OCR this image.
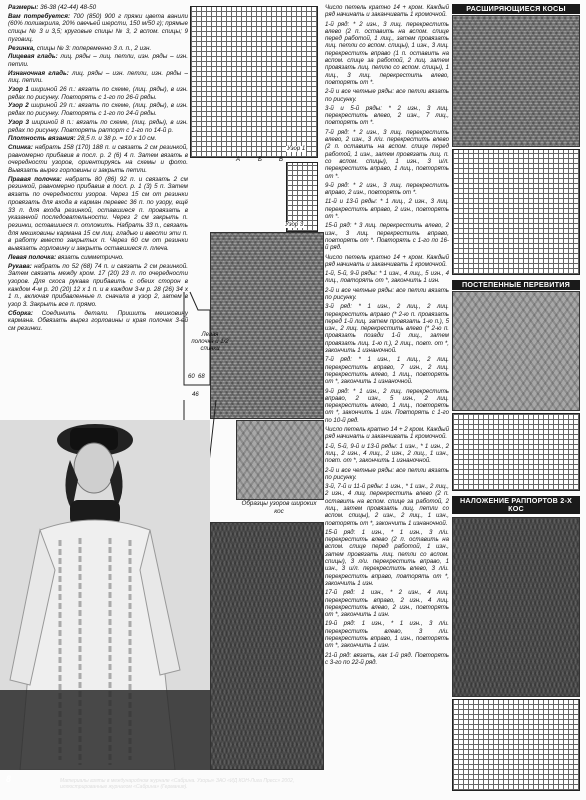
Размеры: 36-38 (42-44) 48-50

Вам потребуется: 700 (850) 900 г пряжи цвета ванили (60% полиакрила, 20% овечьей шерсти, 150 м/50 г); прямые спицы № 3 и 3,5; круговые спицы № 3, 2 вспом. спицы; 9 пуговиц.

Резинка, спицы № 3: попеременно 3 л. п., 2 изн.

Лицевая гладь: лиц. ряды – лиц. петли, изн. ряды – изн. петли.

Изнаночная гладь: лиц. ряды – изн. петли, изн. ряды – лиц. петли.

Узор 1 шириной 26 п.: вязать по схеме, (лиц. ряды), в изн. рядах по рисунку. Повторять с 1-го по 26-й ряды.

Узор 2 шириной 29 п.: вязать по схеме, (лиц. ряды), в изн. рядах по рисунку. Повторять с 1-го по 24-й ряды.

Узор 3 шириной 8 п.: вязать по схеме, (лиц. ряды), в изн. рядах по рисунку. Повторять раппорт с 1-го по 14-й р.

Плотность вязания: 28,5 п. и 38 р. = 10 х 10 см.

Спинка: набрать 158 (170) 188 п. и связать 2 см резинкой, равномерно прибавив в посл. р. 2 (6) 4 п. Затем вязать в очередности узоров, ориентируясь на схемы и фото. Вывязать вырез горловины и закрыть петли.

Правая полочка: набрать 80 (86) 92 п. и связать 2 см резинкой, равномерно прибавив в посл. р. 1 (3) 5 п. Затем вязать по очередности узоров. Через 15 см от резинки провязать для входа в карман перевес 36 п. по узору, ещё 33 п. для входа резинкой, оставшиеся п. провязать в указанной последовательности. Через 2 см закрыть п. резинки, оставшиеся п. отложить. Набрать 33 п., связать для мешковины кармана 15 см лиц. гладью и ввести эти п. в работу вместо закрытых п. Через 60 см от резинки вывязать горловину и закрыть оставшиеся п. плеча.

Левая полочка: вязать симметрично.

Рукава: набрать по 52 (68) 74 п. и связать 2 см резинкой. Затем связать между кром. 17 (20) 23 п. по очередности узоров. Для скоса рукава прибавить с обеих сторон в каждом 4-м р. 20 (20) 12 х 1 п. и в каждом 3-м р. 28 (26) 34 х 1 п., включая прибавленные п. сначала в узор 2, затем в узор 3. Закрыть все п. прямо.

Сборка: Соединить детали. Пришить мешковину кармана. Обвязать вырез горловины и края полочек 3-ей см резинки.

Узор 1
А	Б	В
Узор 3
Образцы узоров широких кос
Левая полочка и 1/2 спинки
60 68
46

Число петель кратно 14 + кром. Каждый ряд начинать и заканчивать 1 кромочной.

1-й ряд: * 2 изн., 3 лиц. перекрестить влево (2 п. оставить на вспом. спице перед работой, 1 лиц., затем провязать лиц. петли со вспом. спицы), 1 изн., 3 лиц. перекрестить вправо (1 п. оставить на вспом. спице за работой, 2 лиц. затем провязать лиц. петлю со вспом. спицы), 1 лиц., 3 лиц. перекрестить влево, повторять от *.

2-й и все четные ряды: все петли вязать по рисунку.

3-й и 5-й ряды: * 2 изн., 3 лиц. перекрестить влево, 2 изн., 7 лиц., повторять от *.

7-й ряд: * 2 изн., 3 лиц. перекрестить влево, 2 изн., 3 л/и. перекрестить влево (2 п. оставить на вспом. спице перед работой, 1 изн., затем провязать лиц. п. со вспом. спицы), 1 изн., 3 и/л. перекрестить вправо, 1 лиц., повторять от *.

9-й ряд: * 2 изн., 3 лиц. перекрестить вправо, 2 изн., повторять от *.

11-й и 13-й ряды: * 1 лиц., 2 изн., 3 лиц. перекрестить вправо, 2 изн., повторять от *.

15-й ряд: * 3 лиц. перекрестить влево, 2 изн., 3 лиц. перекрестить вправо, повторять от *. Повторять с 1-го по 16-й ряд.

Число петель кратно 14 + кром. Каждый ряд начинать и заканчивать 1 кромочной.

1-й, 5-й, 9-й ряды: * 1 изн., 4 лиц., 5 изн., 4 лиц., повторять от *, закончить 1 изн.

2-й и все четные ряды: все петли вязать по рисунку.

3-й ряд: * 1 изн., 2 лиц., 2 лиц. перекрестить вправо (* 2-ю п. провязать перед 1-й лиц. затем провязать 1-ю п.), 5 изн., 2 лиц. перекрестить влево (* 2-ю п. провязать позади 1-й лиц., затем провязать лиц. 1-ю п.), 2 лиц., повт. от *, закончить 1 изнаночной.

7-й ряд: * 1 изн., 1 лиц., 2 лиц. перекрестить вправо, 7 изн., 2 лиц. перекрестить влево, 1 лиц., повторять от *, закончить 1 изнаночной.

9-й ряд: * 1 изн., 2 лиц. перекрестить вправо, 2 изн., 5 изн., 2 лиц. перекрестить влево, 1 лиц., повторять от *, закончить 1 изн. Повторять с 1-го по 10-й ряд.

Число петель кратно 14 + 2 кром. Каждый ряд начинать и заканчивать 1 кромочной.

1-й, 5-й, 9-й и 13-й ряды: 1 изн., * 1 изн., 2 лиц., 2 изн., 4 лиц., 2 изн., 2 лиц., 1 изн., повт. от *, закончить 1 изнаночной.

2-й и все четные ряды: все петли вязать по рисунку.

3-й, 7-й и 11-й ряды: 1 изн., * 1 изн., 2 лиц., 2 изн., 4 лиц. перекрестить влево (2 п. оставить на вспом. спице за работой, 2 лиц., затем провязать лиц. петли со вспом. спицы), 2 изн., 2 лиц., 1 изн., повторять от *, закончить 1 изнаночной.

15-й ряд: 1 изн., * 1 изн., 3 л/и. перекрестить влево (2 п. оставить на вспом. спице перед работой, 1 изн., затем провязать лиц. петли со вспом. спицы), 3 л/и. перекрестить вправо, 1 изн., 3 и/л. перекрестить влево, 3 л/и. перекрестить вправо, повторять от *, закончить 1 изн.

17-й ряд: 1 изн., * 2 изн., 4 лиц. перекрестить вправо, 2 изн., 4 лиц. перекрестить влево, 2 изн., повторять от *, закончить 1 изн.

19-й ряд: 1 изн., * 1 изн., 3 л/и. перекрестить влево, 3 л/и. перекрестить вправо, 1 изн., повторять от *, закончить 1 изн.

21-й ряд: вязать, как 1-й ряд. Повторять с 3-го по 22-й ряд.

РАСШИРЯЮЩИЕСЯ КОСЫ
ПОСТЕПЕННЫЕ ПЕРЕВИТИЯ
НАЛОЖЕНИЕ РАППОРТОВ 2-Х КОС
8	Материалы взяты в международном журнале «Сабрина. Узоры» ЗАО «ИД КОН-Лига Пресс» 2002, иллюстрированные журналом «Сабрина» (Германия).
